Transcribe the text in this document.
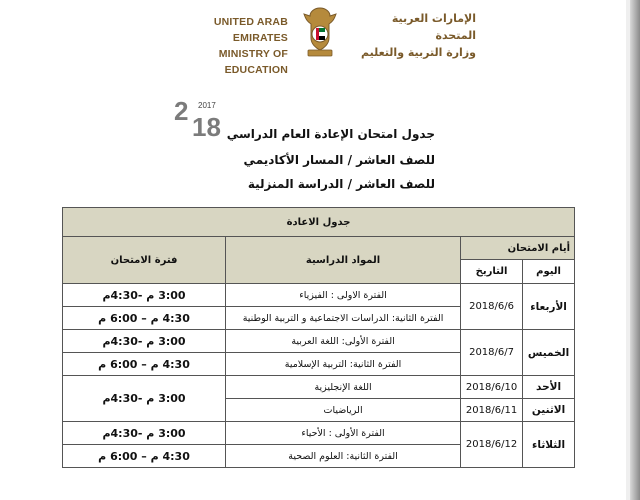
UNITED ARAB EMIRATES
MINISTRY OF EDUCATION
الإمارات العربية المتحدة
وزارة التربية والتعليم
2 2017
18 جدول امتحان الإعادة العام الدراسي
للصف العاشر / المسار الأكاديمي
للصف العاشر / الدراسة المنزلية
جدول الاعادة			
أيام الامتحان		المواد الدراسية	فترة الامتحان
اليوم	التاريخ		
الأربعاء	2018/6/6	الفترة الاولى : الفيزياء	3:00 م -4:30م
		الفترة الثانية: الدراسات الاجتماعية و التربية الوطنية	4:30 م – 6:00 م
الخميس	2018/6/7	الفترة الأولى: اللغة العربية	3:00 م -4:30م
		الفترة الثانية: التربية الإسلامية	4:30 م – 6:00 م
الأحد	2018/6/10	اللغة الإنجليزية	3:00 م -4:30م
الاثنين	2018/6/11	الرياضيات	
الثلاثاء	2018/6/12	الفترة الأولى : الأحياء	3:00 م -4:30م
		الفترة الثانية: العلوم الصحية	4:30 م – 6:00 م
